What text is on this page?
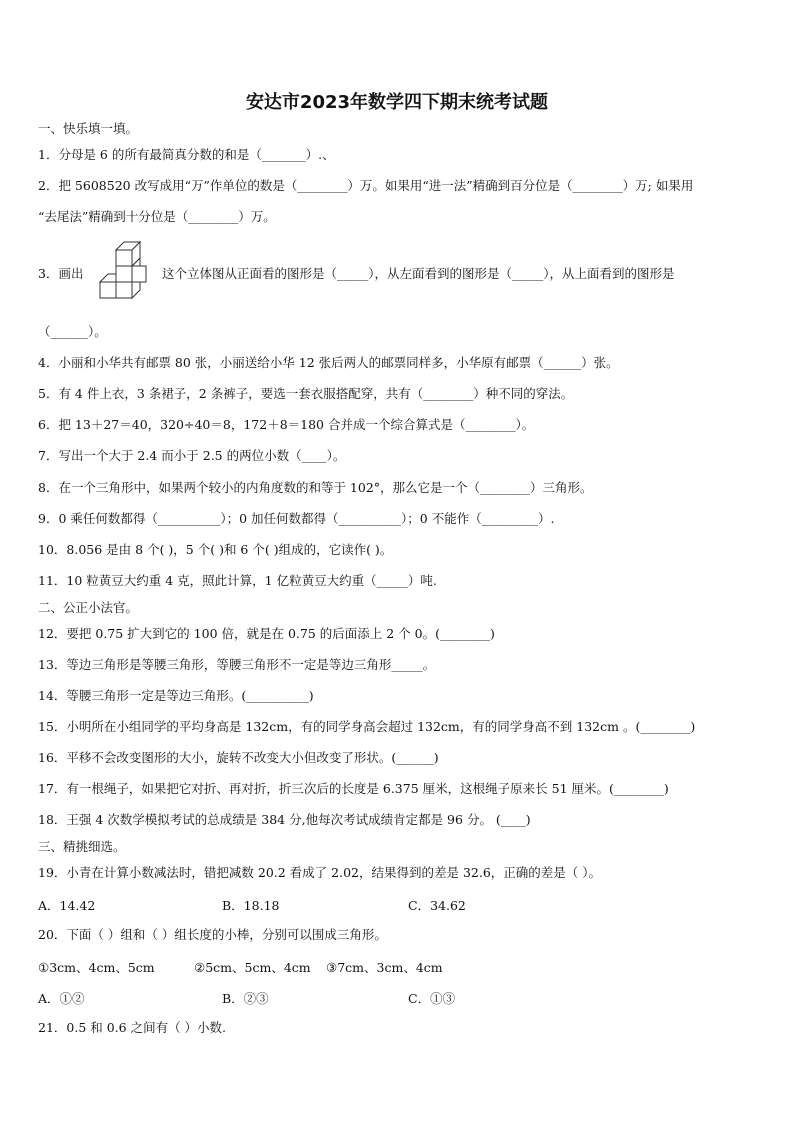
安达市2023年数学四下期末统考试题
一、快乐填一填。
1．分母是 6 的所有最简真分数的和是（_______）.、
2．把 5608520 改写成用“万”作单位的数是（________）万。如果用“进一法”精确到百分位是（________）万; 如果用
“去尾法”精确到十分位是（________）万。
3．画出	这个立体图从正面看的图形是（_____），从左面看到的图形是（_____），从上面看到的图形是
（______）。
4．小丽和小华共有邮票 80 张，小丽送给小华 12 张后两人的邮票同样多，小华原有邮票（______）张。
5．有 4 件上衣，3 条裙子，2 条裤子，要选一套衣服搭配穿，共有（________）种不同的穿法。
6．把 13＋27＝40，320÷40＝8，172＋8＝180 合并成一个综合算式是（________）。
7．写出一个大于 2.4 而小于 2.5 的两位小数（____）。
8．在一个三角形中，如果两个较小的内角度数的和等于 102°，那么它是一个（________）三角形。
9．0 乘任何数都得（__________）；0 加任何数都得（__________）；0 不能作（_________）.
10．8.056 是由 8 个( )，5 个( )和 6 个( )组成的，它读作( )。
11．10 粒黄豆大约重 4 克，照此计算，1 亿粒黄豆大约重（_____）吨.
二、公正小法官。
12．要把 0.75 扩大到它的 100 倍，就是在 0.75 的后面添上 2 个 0。(________)
13．等边三角形是等腰三角形，等腰三角形不一定是等边三角形_____。
14．等腰三角形一定是等边三角形。(__________)
15．小明所在小组同学的平均身高是 132cm，有的同学身高会超过 132cm，有的同学身高不到 132cm 。(________)
16．平移不会改变图形的大小，旋转不改变大小但改变了形状。(______)
17．有一根绳子，如果把它对折、再对折，折三次后的长度是 6.375 厘米，这根绳子原来长 51 厘米。(________)
18．王强 4 次数学模拟考试的总成绩是 384 分,他每次考试成绩肯定都是 96 分。 (____)
三、精挑细选。
19．小青在计算小数减法时，错把减数 20.2 看成了 2.02，结果得到的差是 32.6，正确的差是（ ）。
A．14.42	B．18.18	C．34.62
20．下面（ ）组和（ ）组长度的小棒，分别可以围成三角形。
①3cm、4cm、5cm	②5cm、5cm、4cm ③7cm、3cm、4cm
A．①②	B．②③	C．①③
21．0.5 和 0.6 之间有（ ）小数.
